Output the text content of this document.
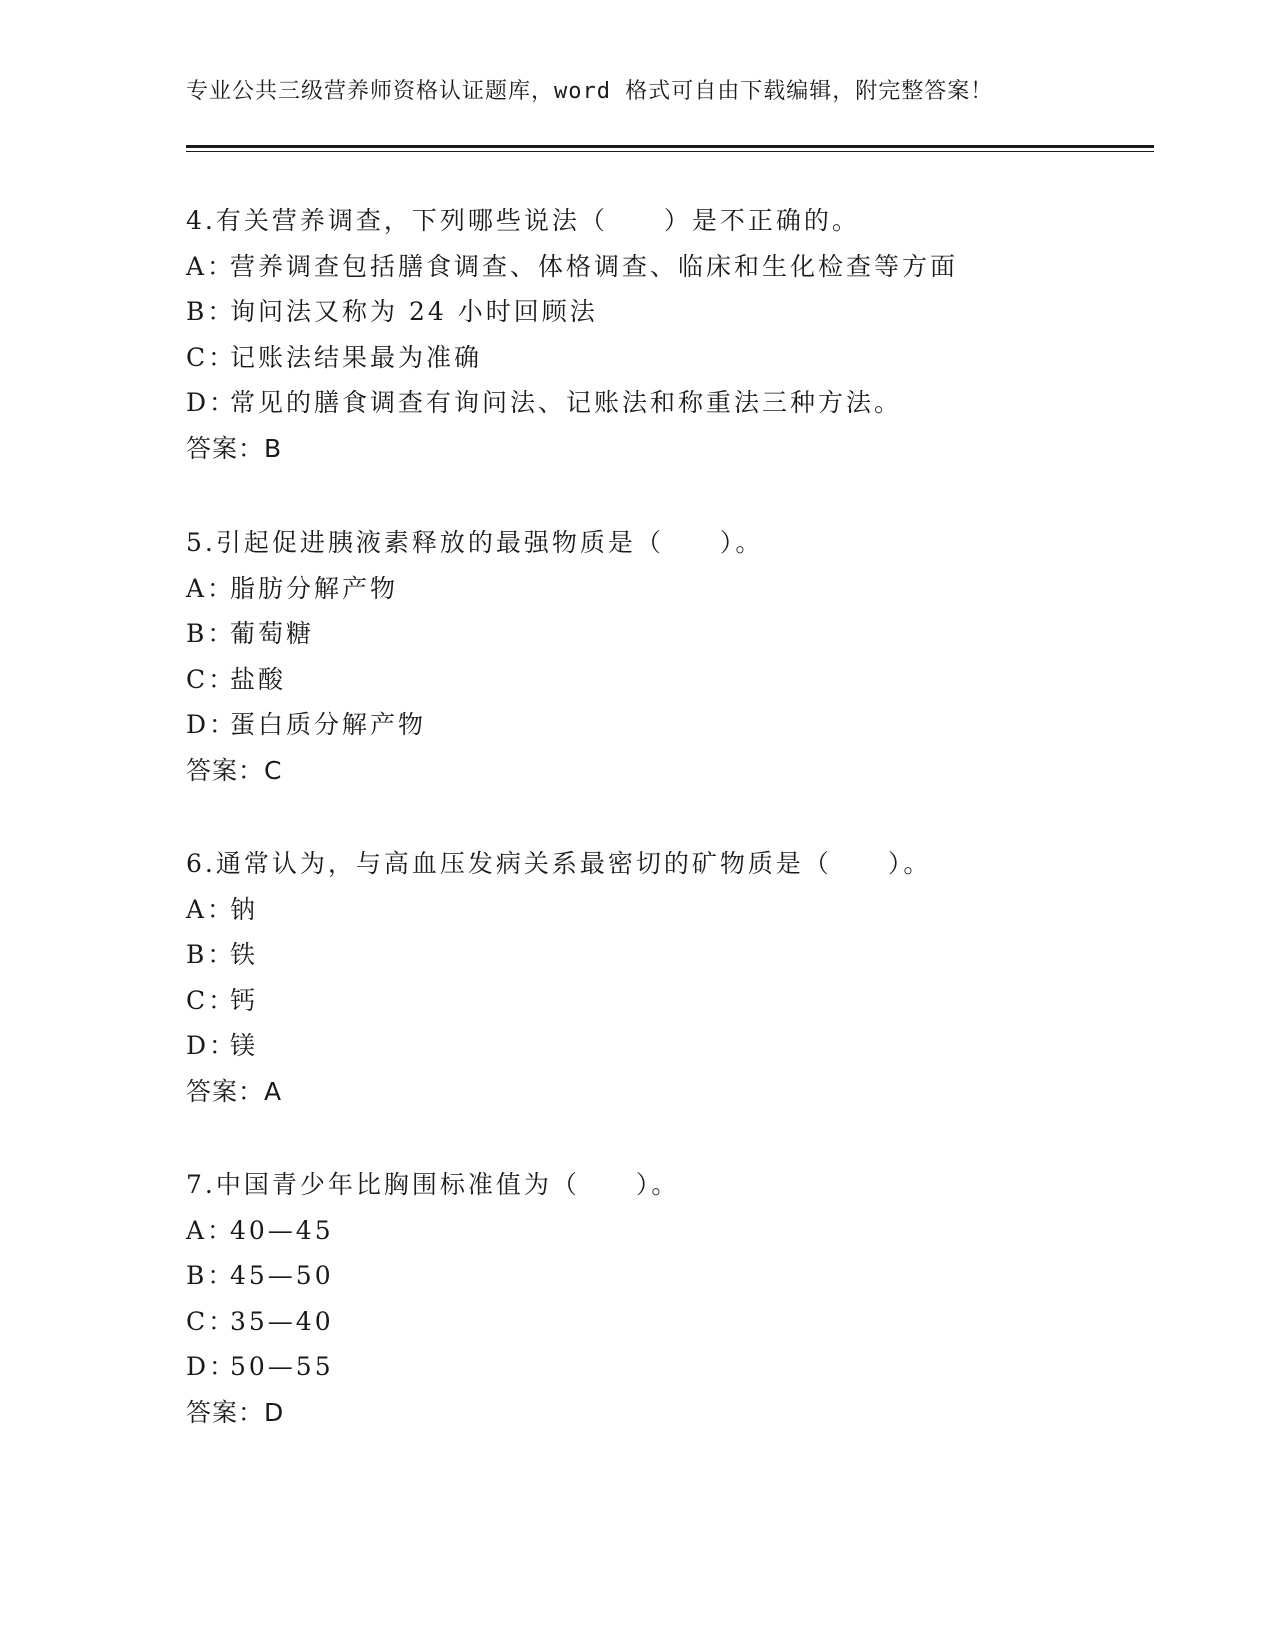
专业公共三级营养师资格认证题库，word 格式可自由下载编辑，附完整答案！
4.有关营养调查，下列哪些说法（　　）是不正确的。
A：营养调查包括膳食调查、体格调查、临床和生化检查等方面
B：询问法又称为 24 小时回顾法
C：记账法结果最为准确
D：常见的膳食调查有询问法、记账法和称重法三种方法。
答案：B
5.引起促进胰液素释放的最强物质是（　　）。
A：脂肪分解产物
B：葡萄糖
C：盐酸
D：蛋白质分解产物
答案：C
6.通常认为，与高血压发病关系最密切的矿物质是（　　）。
A：钠
B：铁
C：钙
D：镁
答案：A
7.中国青少年比胸围标准值为（　　）。
A：40—45
B：45—50
C：35—40
D：50—55
答案：D
